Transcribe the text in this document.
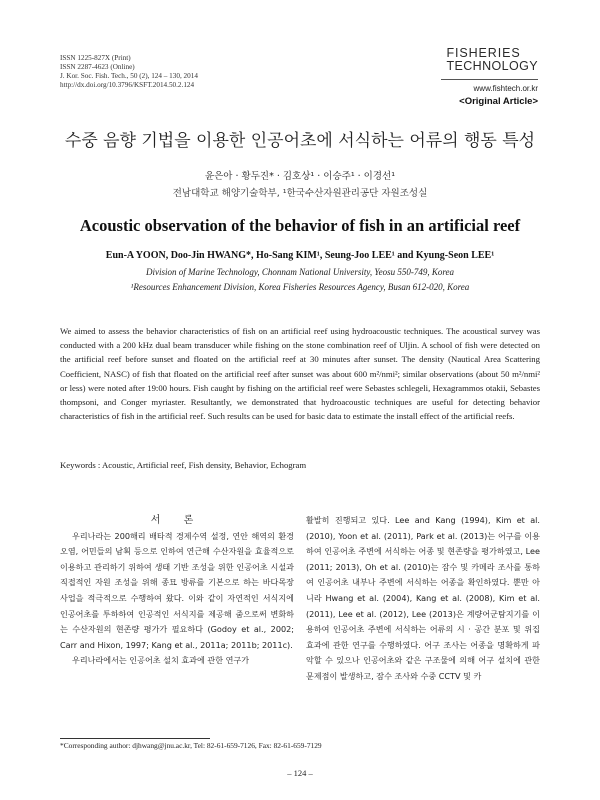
ISSN 1225-827X (Print)
ISSN 2287-4623 (Online)
J. Kor. Soc. Fish. Tech., 50 (2), 124 – 130, 2014
http://dx.doi.org/10.3796/KSFT.2014.50.2.124
FISHERIES
TECHNOLOGY
www.fishtech.or.kr
<Original Article>
수중 음향 기법을 이용한 인공어초에 서식하는 어류의 행동 특성
윤은아 · 황두진* · 김호상¹ · 이승주¹ · 이경선¹
전남대학교 해양기술학부, ¹한국수산자원관리공단 자원조성실
Acoustic observation of the behavior of fish in an artificial reef
Eun-A YOON, Doo-Jin HWANG*, Ho-Sang KIM¹, Seung-Joo LEE¹ and Kyung-Seon LEE¹
Division of Marine Technology, Chonnam National University, Yeosu 550-749, Korea
¹Resources Enhancement Division, Korea Fisheries Resources Agency, Busan 612-020, Korea
We aimed to assess the behavior characteristics of fish on an artificial reef using hydroacoustic techniques. The acoustical survey was conducted with a 200 kHz dual beam transducer while fishing on the stone combination reef of Uljin. A school of fish were detected on the artificial reef before sunset and floated on the artificial reef at 30 minutes after sunset. The density (Nautical Area Scattering Coefficient, NASC) of fish that floated on the artificial reef after sunset was about 600 m²/nmi²; similar observations (about 50 m²/nmi² or less) were noted after 19:00 hours. Fish caught by fishing on the artificial reef were Sebastes schlegeli, Hexagrammos otakii, Sebastes thompsoni, and Conger myriaster. Resultantly, we demonstrated that hydroacoustic techniques are useful for detecting behavior characteristics of fish in the artificial reef. Such results can be used for basic data to estimate the install effect of the artificial reefs.
Keywords : Acoustic, Artificial reef, Fish density, Behavior, Echogram
서 론
우리나라는 200해리 배타적 경제수역 설정, 연안 해역의 환경오염, 어민들의 남획 등으로 인하여 연근해 수산자원을 효율적으로 이용하고 관리하기 위하여 생태 기반 조성을 위한 인공어초 시설과 직접적인 자원 조성을 위해 종묘 방류를 기본으로 하는 바다목장 사업을 적극적으로 수행하여 왔다. 이와 같이 자연적인 서식지에 인공어초를 투하하여 인공적인 서식지를 제공해 줌으로써 변화하는 수산자원의 현존량 평가가 필요하다 (Godoy et al., 2002; Carr and Hixon, 1997; Kang et al., 2011a; 2011b; 2011c).
우리나라에서는 인공어초 설치 효과에 관한 연구가
활발히 진행되고 있다. Lee and Kang (1994), Kim et al. (2010), Yoon et al. (2011), Park et al. (2013)는 어구를 이용하여 인공어초 주변에 서식하는 어종 및 현존량을 평가하였고, Lee (2011; 2013), Oh et al. (2010)는 잠수 및 카메라 조사를 통하여 인공어초 내부나 주변에 서식하는 어종을 확인하였다. 뿐만 아니라 Hwang et al. (2004), Kang et al. (2008), Kim et al. (2011), Lee et al. (2012), Lee (2013)은 계량어군탐지기를 이용하여 인공어초 주변에 서식하는 어류의 시 · 공간 분포 및 위집 효과에 관한 연구를 수행하였다. 어구 조사는 어종을 명확하게 파악할 수 있으나 인공어초와 같은 구조물에 의해 어구 설치에 관한 문제점이 발생하고, 잠수 조사와 수중 CCTV 및 카
*Corresponding author: djhwang@jnu.ac.kr, Tel: 82-61-659-7126, Fax: 82-61-659-7129
– 124 –
